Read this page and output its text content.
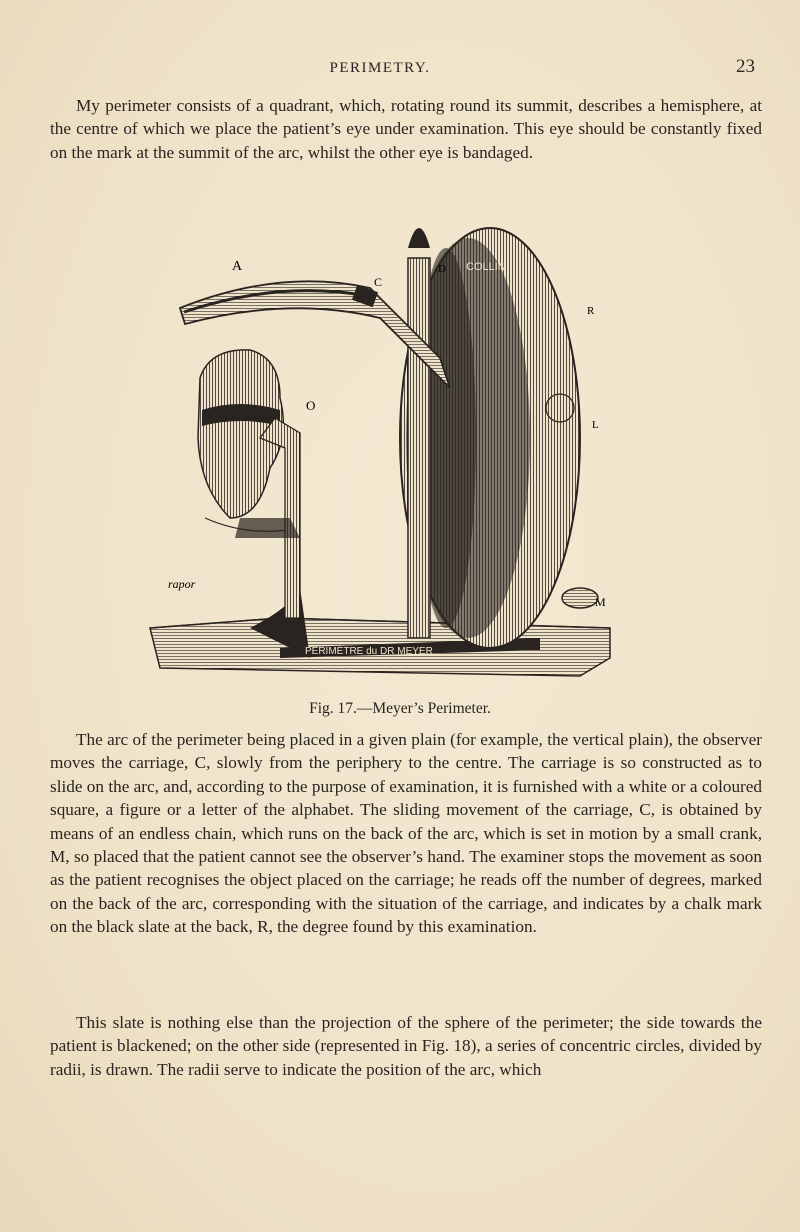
PERIMETRY.	23

My perimeter consists of a quadrant, which, rotating round its summit, describes a hemisphere, at the centre of which we place the patient’s eye under examination. This eye should be constantly fixed on the mark at the summit of the arc, whilst the other eye is bandaged.

PERIMÈTRE du DR MEYER
COLLIN
A
C
D
R
O
L
M
rapor
Fig. 17.—Meyer’s Perimeter.

The arc of the perimeter being placed in a given plain (for example, the vertical plain), the observer moves the carriage, C, slowly from the periphery to the centre. The carriage is so constructed as to slide on the arc, and, according to the purpose of examination, it is furnished with a white or a coloured square, a figure or a letter of the alphabet. The sliding movement of the carriage, C, is obtained by means of an endless chain, which runs on the back of the arc, which is set in motion by a small crank, M, so placed that the patient cannot see the observer’s hand. The examiner stops the movement as soon as the patient recognises the object placed on the carriage; he reads off the number of degrees, marked on the back of the arc, corresponding with the situation of the carriage, and indicates by a chalk mark on the black slate at the back, R, the degree found by this examination.

This slate is nothing else than the projection of the sphere of the perimeter; the side towards the patient is blackened; on the other side (represented in Fig. 18), a series of concentric circles, divided by radii, is drawn. The radii serve to indicate the position of the arc, which
